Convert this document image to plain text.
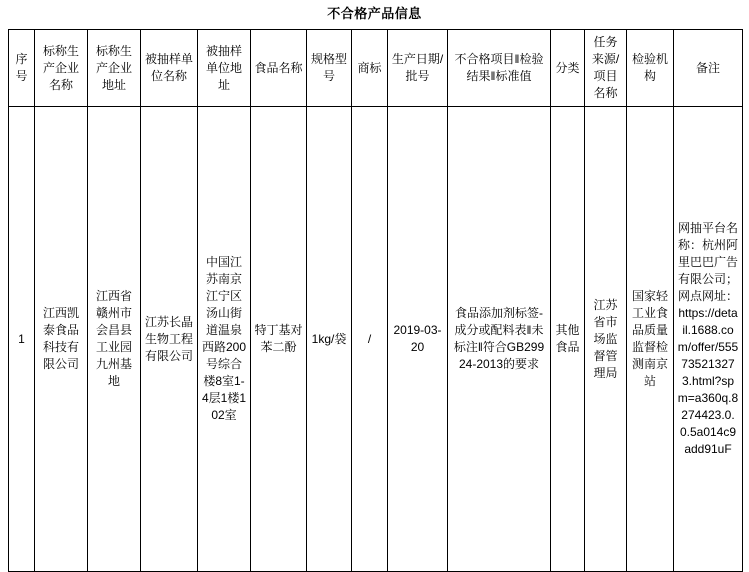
不合格产品信息
序号	标称生产企业名称	标称生产企业地址	被抽样单位名称	被抽样单位地址	食品名称	规格型号	商标	生产日期/批号	不合格项目‖检验结果‖标准值	分类	任务来源/项目名称	检验机构	备注
1	江西凯泰食品科技有限公司	江西省赣州市会昌县工业园九州基地	江苏长晶生物工程有限公司	中国江苏南京江宁区汤山街道温泉西路200号综合楼8室1-4层1楼102室	特丁基对苯二酚	1kg/袋	/	2019-03-20	食品添加剂标签-成分或配料表‖未标注‖符合GB29924-2013的要求	其他食品	江苏省市场监督管理局	国家轻工业食品质量监督检测南京站	网抽平台名称：杭州阿里巴巴广告有限公司；网点网址：https://detail.1688.com/offer/555735213273.html?spm=a360q.8274423.0.0.5a014c9add91uF
